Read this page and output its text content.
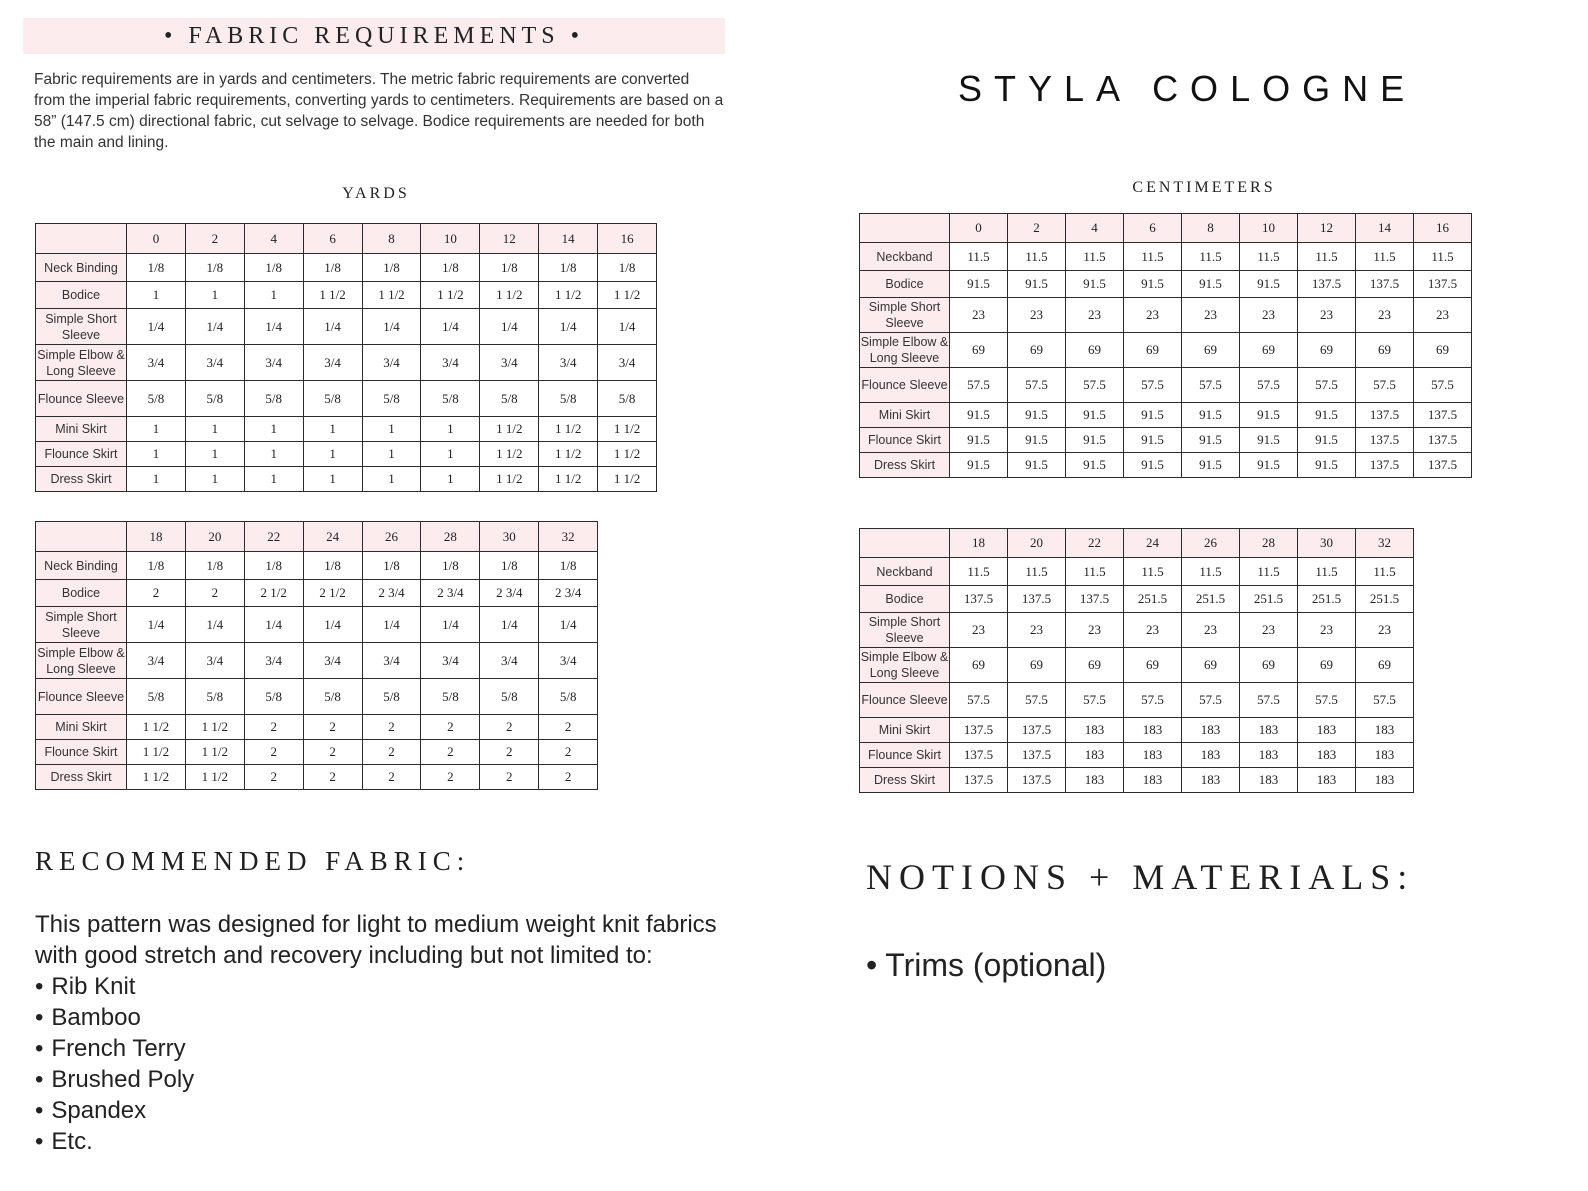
• FABRIC REQUIREMENTS •
Fabric requirements are in yards and centimeters. The metric fabric requirements are converted from the imperial fabric requirements, converting yards to centimeters. Requirements are based on a 58” (147.5 cm) directional fabric, cut selvage to selvage. Bodice requirements are needed for both the main and lining.
STYLA COLOGNE
YARDS	CENTIMETERS
	0	2	4	6	8	10	12	14	16
Neck Binding	1/8	1/8	1/8	1/8	1/8	1/8	1/8	1/8	1/8
Bodice	1	1	1	1 1/2	1 1/2	1 1/2	1 1/2	1 1/2	1 1/2
Simple Short Sleeve	1/4	1/4	1/4	1/4	1/4	1/4	1/4	1/4	1/4
Simple Elbow & Long Sleeve	3/4	3/4	3/4	3/4	3/4	3/4	3/4	3/4	3/4
Flounce Sleeve	5/8	5/8	5/8	5/8	5/8	5/8	5/8	5/8	5/8
Mini Skirt	1	1	1	1	1	1	1 1/2	1 1/2	1 1/2
Flounce Skirt	1	1	1	1	1	1	1 1/2	1 1/2	1 1/2
Dress Skirt	1	1	1	1	1	1	1 1/2	1 1/2	1 1/2
	18	20	22	24	26	28	30	32
Neck Binding	1/8	1/8	1/8	1/8	1/8	1/8	1/8	1/8
Bodice	2	2	2 1/2	2 1/2	2 3/4	2 3/4	2 3/4	2 3/4
Simple Short Sleeve	1/4	1/4	1/4	1/4	1/4	1/4	1/4	1/4
Simple Elbow & Long Sleeve	3/4	3/4	3/4	3/4	3/4	3/4	3/4	3/4
Flounce Sleeve	5/8	5/8	5/8	5/8	5/8	5/8	5/8	5/8
Mini Skirt	1 1/2	1 1/2	2	2	2	2	2	2
Flounce Skirt	1 1/2	1 1/2	2	2	2	2	2	2
Dress Skirt	1 1/2	1 1/2	2	2	2	2	2	2
	0	2	4	6	8	10	12	14	16
Neckband	11.5	11.5	11.5	11.5	11.5	11.5	11.5	11.5	11.5
Bodice	91.5	91.5	91.5	91.5	91.5	91.5	137.5	137.5	137.5
Simple Short Sleeve	23	23	23	23	23	23	23	23	23
Simple Elbow & Long Sleeve	69	69	69	69	69	69	69	69	69
Flounce Sleeve	57.5	57.5	57.5	57.5	57.5	57.5	57.5	57.5	57.5
Mini Skirt	91.5	91.5	91.5	91.5	91.5	91.5	91.5	137.5	137.5
Flounce Skirt	91.5	91.5	91.5	91.5	91.5	91.5	91.5	137.5	137.5
Dress Skirt	91.5	91.5	91.5	91.5	91.5	91.5	91.5	137.5	137.5
	18	20	22	24	26	28	30	32
Neckband	11.5	11.5	11.5	11.5	11.5	11.5	11.5	11.5
Bodice	137.5	137.5	137.5	251.5	251.5	251.5	251.5	251.5
Simple Short Sleeve	23	23	23	23	23	23	23	23
Simple Elbow & Long Sleeve	69	69	69	69	69	69	69	69
Flounce Sleeve	57.5	57.5	57.5	57.5	57.5	57.5	57.5	57.5
Mini Skirt	137.5	137.5	183	183	183	183	183	183
Flounce Skirt	137.5	137.5	183	183	183	183	183	183
Dress Skirt	137.5	137.5	183	183	183	183	183	183
RECOMMENDED FABRIC:
This pattern was designed for light to medium weight knit fabrics
with good stretch and recovery including but not limited to:
• Rib Knit
• Bamboo
• French Terry
• Brushed Poly
• Spandex
• Etc.
NOTIONS + MATERIALS:
• Trims (optional)
